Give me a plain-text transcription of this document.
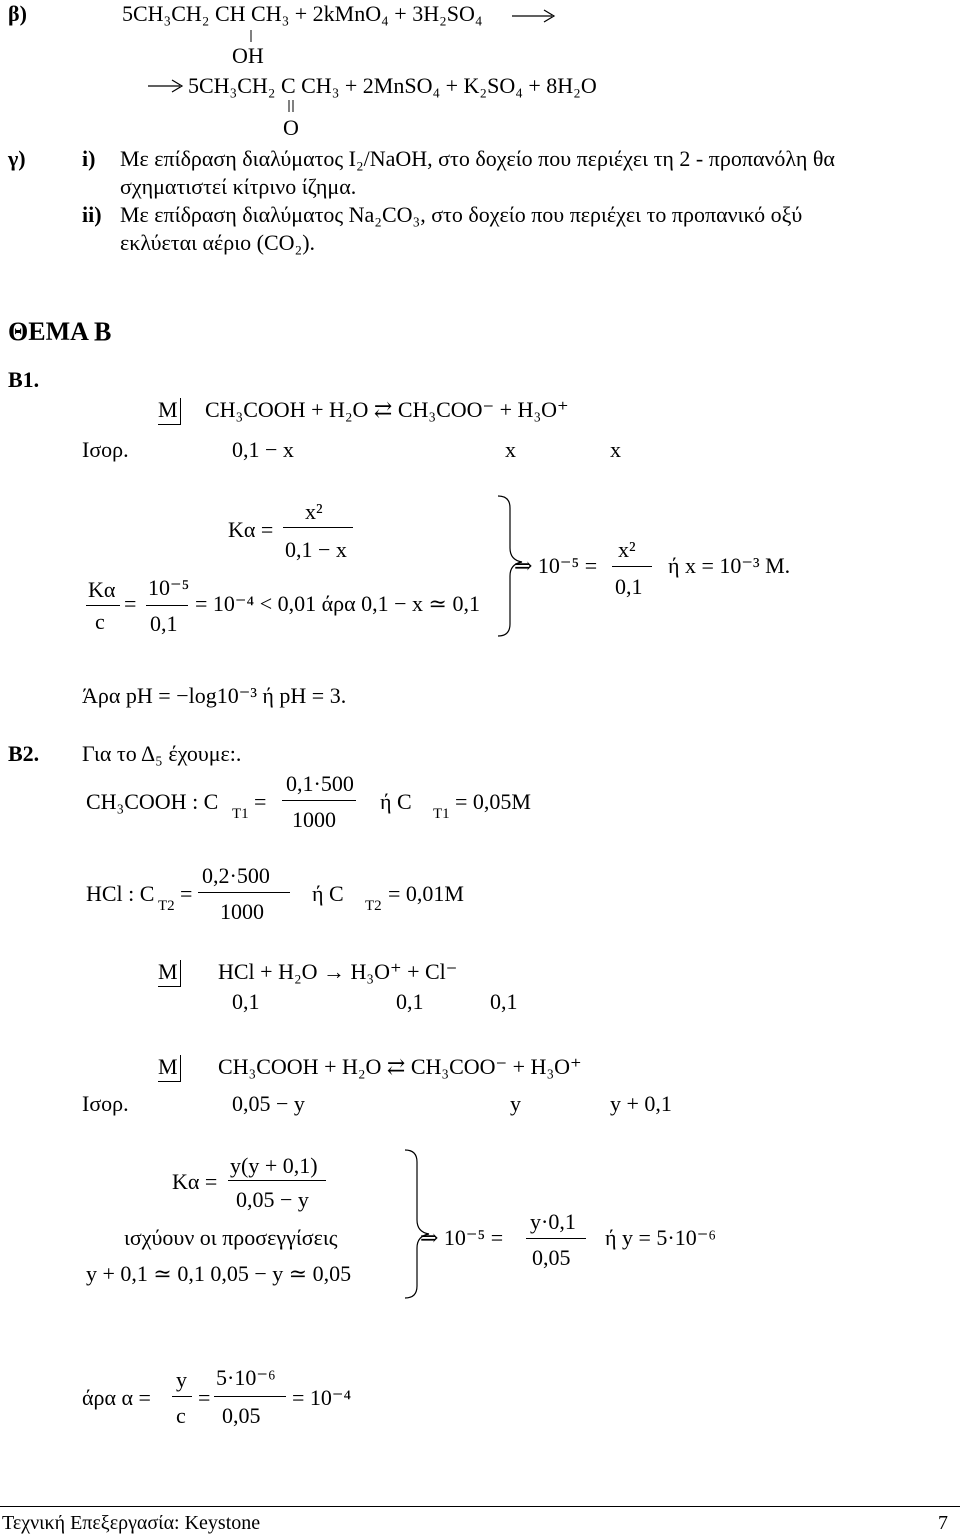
β)	5CH₃CH₂ CH CH₃ + 2kMnO₄ + 3H₂SO₄
OH
5CH₃CH₂ C CH₃ + 2MnSO₄ + K₂SO₄ + 8H₂O
O
γ)	i) Με επίδραση διαλύματος I₂/NaOH, στο δοχείο που περιέχει τη 2 - προπανόλη θα
σχηματιστεί κίτρινο ίζημα.
ii) Με επίδραση διαλύματος Na₂CO₃, στο δοχείο που περιέχει το προπανικό οξύ
εκλύεται αέριο (CO₂).
ΘΕΜΑ Β
Β1.
M CH₃COOH + H₂O ⇄ CH₃COO⁻ + H₃O⁺
Ισορ.	0,1 − x	x	x
Kα =
x²
0,1 − x
Kα
c
=
10⁻⁵
0,1
= 10⁻⁴ < 0,01 άρα 0,1 − x ≃ 0,1
⇒ 10⁻⁵ =
x²
0,1
ή x = 10⁻³ M.
Άρα pH = −log10⁻³ ή pH = 3.
Β2. Για το Δ₅ έχουμε:.
CH₃COOH : C T1 =
0,1·500
1000
ή C T1 = 0,05M
HCl : C T2 =
0,2·500
1000
ή C T2 = 0,01M
M HCl + H₂O → H₃O⁺ + Cl⁻
0,1	0,1	0,1
M CH₃COOH + H₂O ⇄ CH₃COO⁻ + H₃O⁺
Ισορ.	0,05 − y	y	y + 0,1
Kα =
y(y + 0,1)
0,05 − y
ισχύουν οι προσεγγίσεις
y + 0,1 ≃ 0,1 0,05 − y ≃ 0,05
⇒ 10⁻⁵ =
y·0,1
0,05
ή y = 5·10⁻⁶
άρα α =
y
c
=
5·10⁻⁶
0,05
= 10⁻⁴
Τεχνική Επεξεργασία: Keystone	7
